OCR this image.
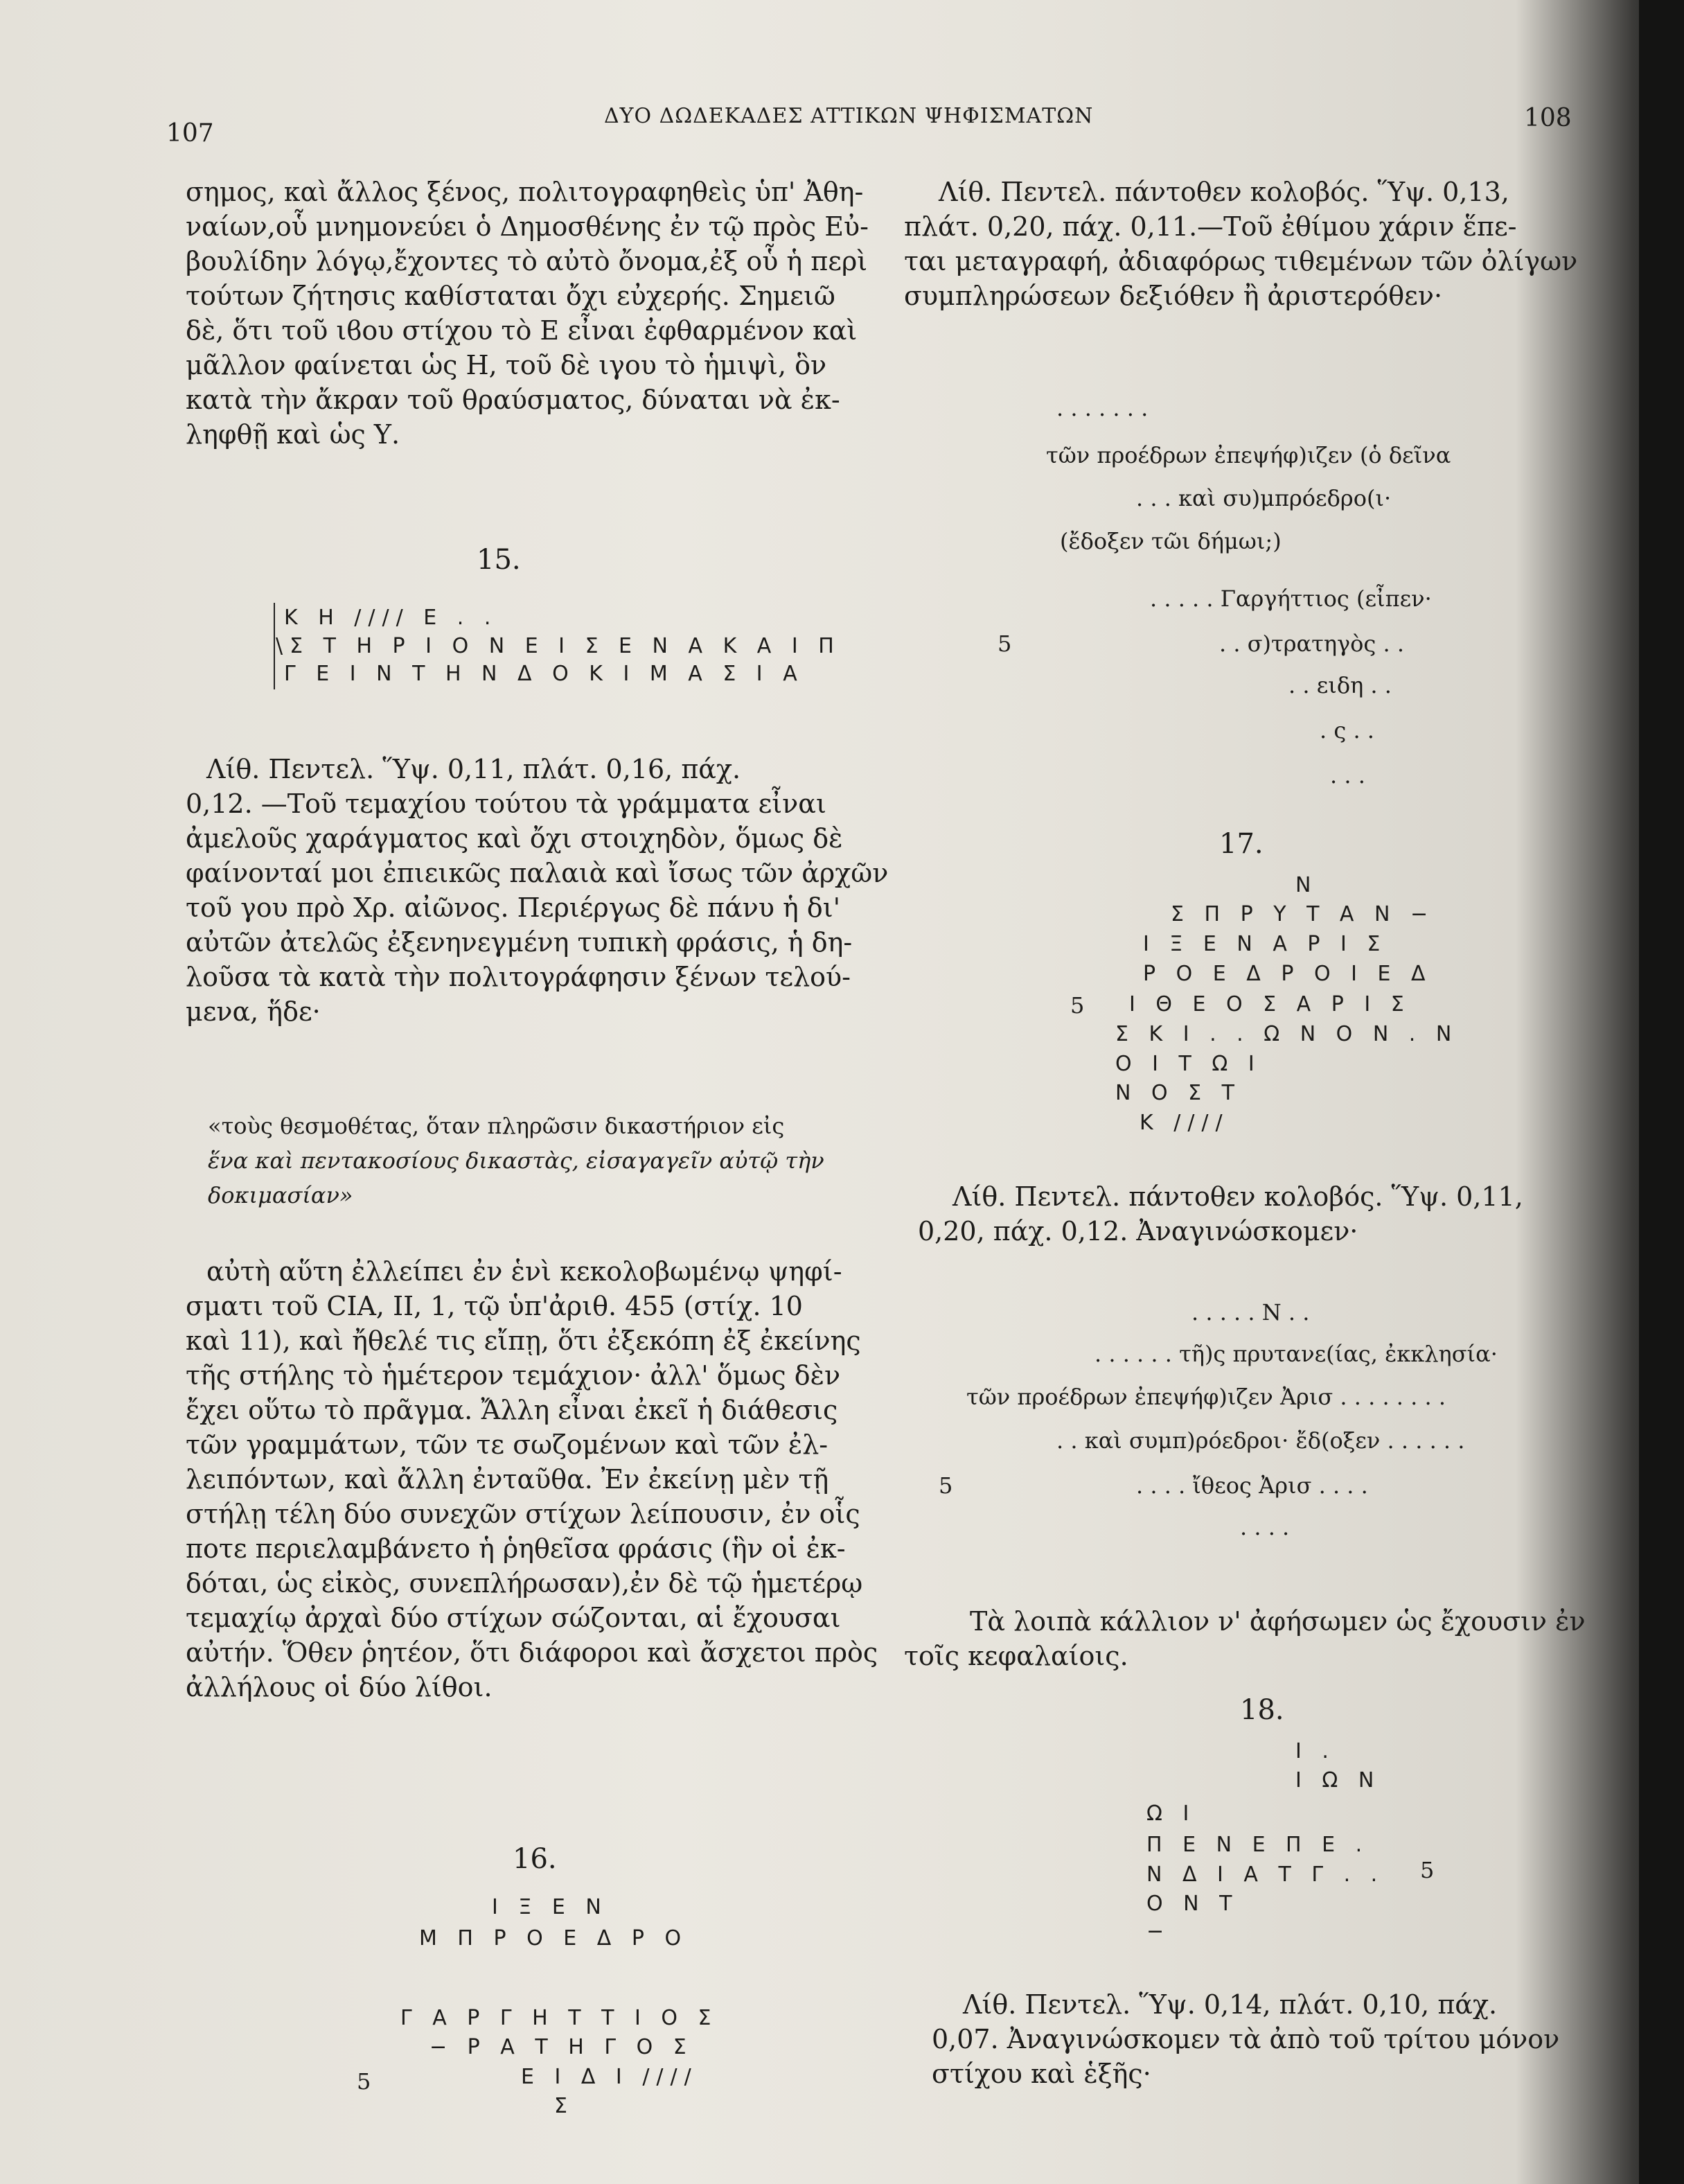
107
ΔΥΟ ΔΩΔΕΚΑΔΕΣ ΑΤΤΙΚΩΝ ΨΗΦΙΣΜΑΤΩΝ	108
σημος, καὶ ἄλλος ξένος, πολιτογραφηθεὶς ὑπ' Ἀθη-
ναίων,οὗ μνημονεύει ὁ Δημοσθένης ἐν τῷ πρὸς Εὐ-
βουλίδην λόγῳ,ἔχοντες τὸ αὐτὸ ὄνομα,ἐξ οὗ ἡ περὶ
τούτων ζήτησις καθίσταται ὄχι εὐχερής. Σημειῶ
δὲ, ὅτι τοῦ ιϐου στίχου τὸ Ε εἶναι ἐφθαρμένον καὶ
μᾶλλον φαίνεται ὡς Η, τοῦ δὲ ιγου τὸ ἡμιψὶ, ὃν
κατὰ τὴν ἄκραν τοῦ θραύσματος, δύναται νὰ ἐκ-
ληφθῇ καὶ ὡς Υ.
15.
Κ Η //// Ε . .
\Σ Τ Η Ρ Ι Ο Ν Ε Ι Σ Ε Ν Α Κ Α Ι Π
Γ Ε Ι Ν Τ Η Ν Δ Ο Κ Ι Μ Α Σ Ι Α
Λίθ. Πεντελ. Ὕψ. 0,11, πλάτ. 0,16, πάχ.
0,12. —Τοῦ τεμαχίου τούτου τὰ γράμματα εἶναι
ἀμελοῦς χαράγματος καὶ ὄχι στοιχηδὸν, ὅμως δὲ
φαίνονταί μοι ἐπιεικῶς παλαιὰ καὶ ἴσως τῶν ἀρχῶν
τοῦ γου πρὸ Χρ. αἰῶνος. Περιέργως δὲ πάνυ ἡ δι'
αὐτῶν ἀτελῶς ἐξενηνεγμένη τυπικὴ φράσις, ἡ δη-
λοῦσα τὰ κατὰ τὴν πολιτογράφησιν ξένων τελού-
μενα, ἥδε·
«τοὺς θεσμοθέτας, ὅταν πληρῶσιν δικαστήριον εἰς
ἕνα καὶ πεντακοσίους δικαστὰς, εἰσαγαγεῖν αὐτῷ τὴν
δοκιμασίαν»
αὐτὴ αὕτη ἐλλείπει ἐν ἑνὶ κεκολοβωμένῳ ψηφί-
σματι τοῦ CIA, II, 1, τῷ ὑπ'ἀριθ. 455 (στίχ. 10
καὶ 11), καὶ ἤθελέ τις εἴπῃ, ὅτι ἐξεκόπη ἐξ ἐκείνης
τῆς στήλης τὸ ἡμέτερον τεμάχιον· ἀλλ' ὅμως δὲν
ἔχει οὕτω τὸ πρᾶγμα. Ἄλλη εἶναι ἐκεῖ ἡ διάθεσις
τῶν γραμμάτων, τῶν τε σωζομένων καὶ τῶν ἐλ-
λειπόντων, καὶ ἄλλη ἐνταῦθα. Ἐν ἐκείνῃ μὲν τῇ
στήλῃ τέλη δύο συνεχῶν στίχων λείπουσιν, ἐν οἷς
ποτε περιελαμβάνετο ἡ ῥηθεῖσα φράσις (ἣν οἱ ἐκ-
δόται, ὡς εἰκὸς, συνεπλήρωσαν),ἐν δὲ τῷ ἡμετέρῳ
τεμαχίῳ ἀρχαὶ δύο στίχων σώζονται, αἱ ἔχουσαι
αὐτήν. Ὅθεν ῥητέον, ὅτι διάφοροι καὶ ἄσχετοι πρὸς
ἀλλήλους οἱ δύο λίθοι.
16.
Ι Ξ Ε Ν
Μ Π Ρ Ο Ε Δ Ρ Ο
Γ Α Ρ Γ Η Τ Τ Ι Ο Σ
− Ρ Α Τ Η Γ Ο Σ
Ε Ι Δ Ι ////
Σ
5
Λίθ. Πεντελ. πάντοθεν κολοβός. Ὕψ. 0,13,
πλάτ. 0,20, πάχ. 0,11.—Τοῦ ἐθίμου χάριν ἕπε-
ται μεταγραφή, ἀδιαφόρως τιθεμένων τῶν ὀλίγων
συμπληρώσεων δεξιόθεν ἢ ἀριστερόθεν·
. . . . . . .
τῶν προέδρων ἐπεψήφ)ιζεν (ὁ δεῖνα
. . . καὶ συ)μπρόεδρο(ι·
(ἔδοξεν τῶι δήμωι;)
. . . . . Γαργήττιος (εἶπεν·
. . σ)τρατηγὸς . .
. . ειδη . .
. ς . .
. . .
5
17.
Ν
Σ Π Ρ Υ Τ Α Ν −
Ι Ξ Ε Ν Α Ρ Ι Σ
Ρ Ο Ε Δ Ρ Ο Ι Ε Δ
Ι Θ Ε Ο Σ Α Ρ Ι Σ
Σ Κ Ι . . Ω Ν Ο Ν . Ν
Ο Ι Τ Ω Ι
Ν Ο Σ Τ
Κ ////
5
Λίθ. Πεντελ. πάντοθεν κολοβός. Ὕψ. 0,11,
0,20, πάχ. 0,12. Ἀναγινώσκομεν·
. . . . . Ν . .
. . . . . . τῆ)ς πρυτανε(ίας, ἐκκλησία·
τῶν προέδρων ἐπεψήφ)ιζεν Ἀρισ . . . . . . . .
. . καὶ συμπ)ρόεδροι· ἔδ(οξεν . . . . . .
. . . . ἴθεος Ἀρισ . . . .
. . . .
5
Τὰ λοιπὰ κάλλιον ν' ἀφήσωμεν ὡς ἔχουσιν ἐν
τοῖς κεφαλαίοις.
18.
Ι .
Ι Ω Ν
Ω Ι
Π Ε Ν Ε Π Ε .
Ν Δ Ι Α Τ Γ . .
Ο Ν Τ
−
5
Λίθ. Πεντελ. Ὕψ. 0,14, πλάτ. 0,10, πάχ.
0,07. Ἀναγινώσκομεν τὰ ἀπὸ τοῦ τρίτου μόνον
στίχου καὶ ἑξῆς·
